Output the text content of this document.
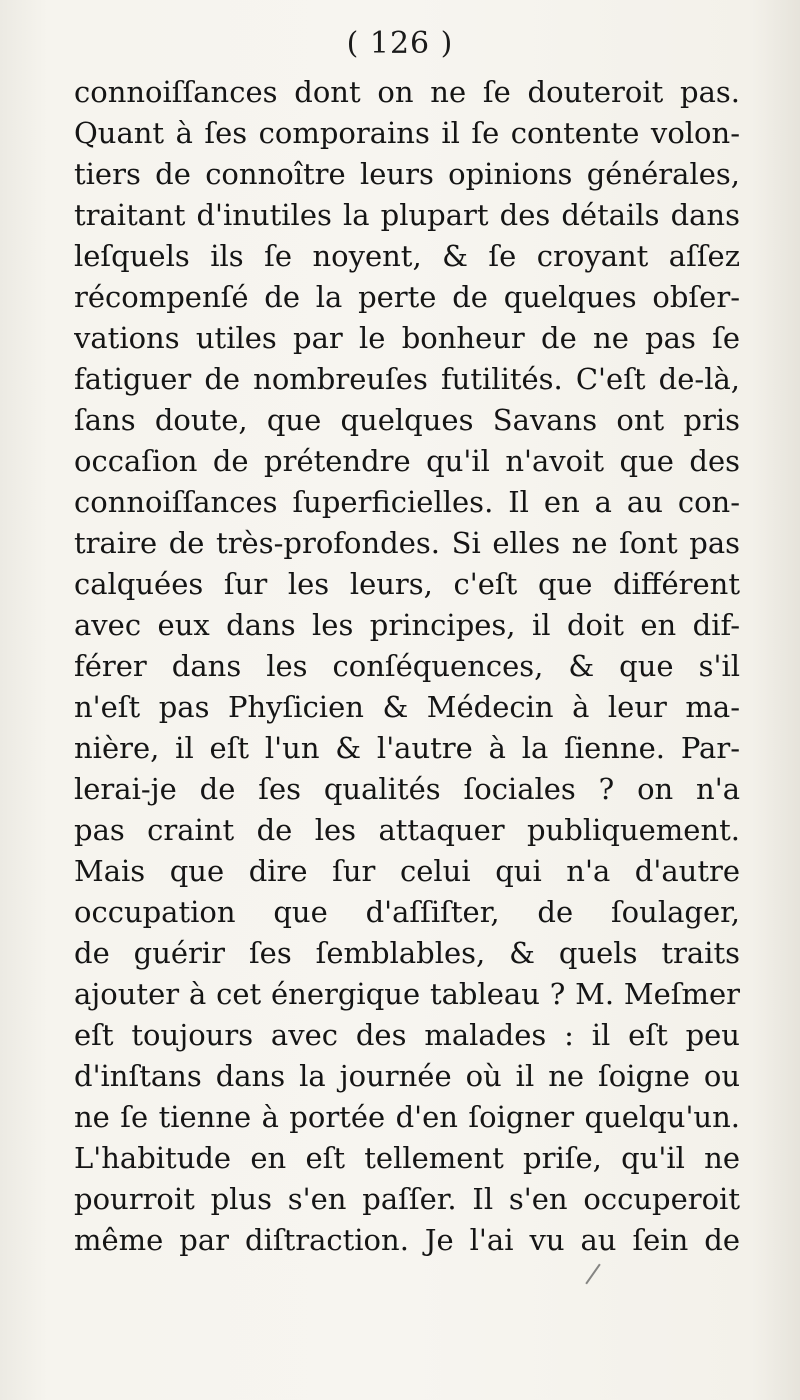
( 126 )
connoiſſances dont on ne ſe douteroit pas.
Quant à ſes comporains il ſe contente volon-
tiers de connoître leurs opinions générales,
traitant d'inutiles la plupart des détails dans
leſquels ils ſe noyent, & ſe croyant aſſez
récompenſé de la perte de quelques obſer-
vations utiles par le bonheur de ne pas ſe
fatiguer de nombreuſes futilités. C'eſt de-là,
ſans doute, que quelques Savans ont pris
occaſion de prétendre qu'il n'avoit que des
connoiſſances ſuperficielles. Il en a au con-
traire de très-profondes. Si elles ne ſont pas
calquées ſur les leurs, c'eſt que différent
avec eux dans les principes, il doit en dif-
férer dans les conſéquences, & que s'il
n'eſt pas Phyſicien & Médecin à leur ma-
nière, il eſt l'un & l'autre à la ſienne. Par-
lerai-je de ſes qualités ſociales ? on n'a
pas craint de les attaquer publiquement.
Mais que dire ſur celui qui n'a d'autre
occupation que d'aſſiſter, de ſoulager,
de guérir ſes ſemblables, & quels traits
ajouter à cet énergique tableau ? M. Meſmer
eſt toujours avec des malades : il eſt peu
d'inſtans dans la journée où il ne ſoigne ou
ne ſe tienne à portée d'en ſoigner quelqu'un.
L'habitude en eſt tellement priſe, qu'il ne
pourroit plus s'en paſſer. Il s'en occuperoit
même par diſtraction. Je l'ai vu au ſein de
